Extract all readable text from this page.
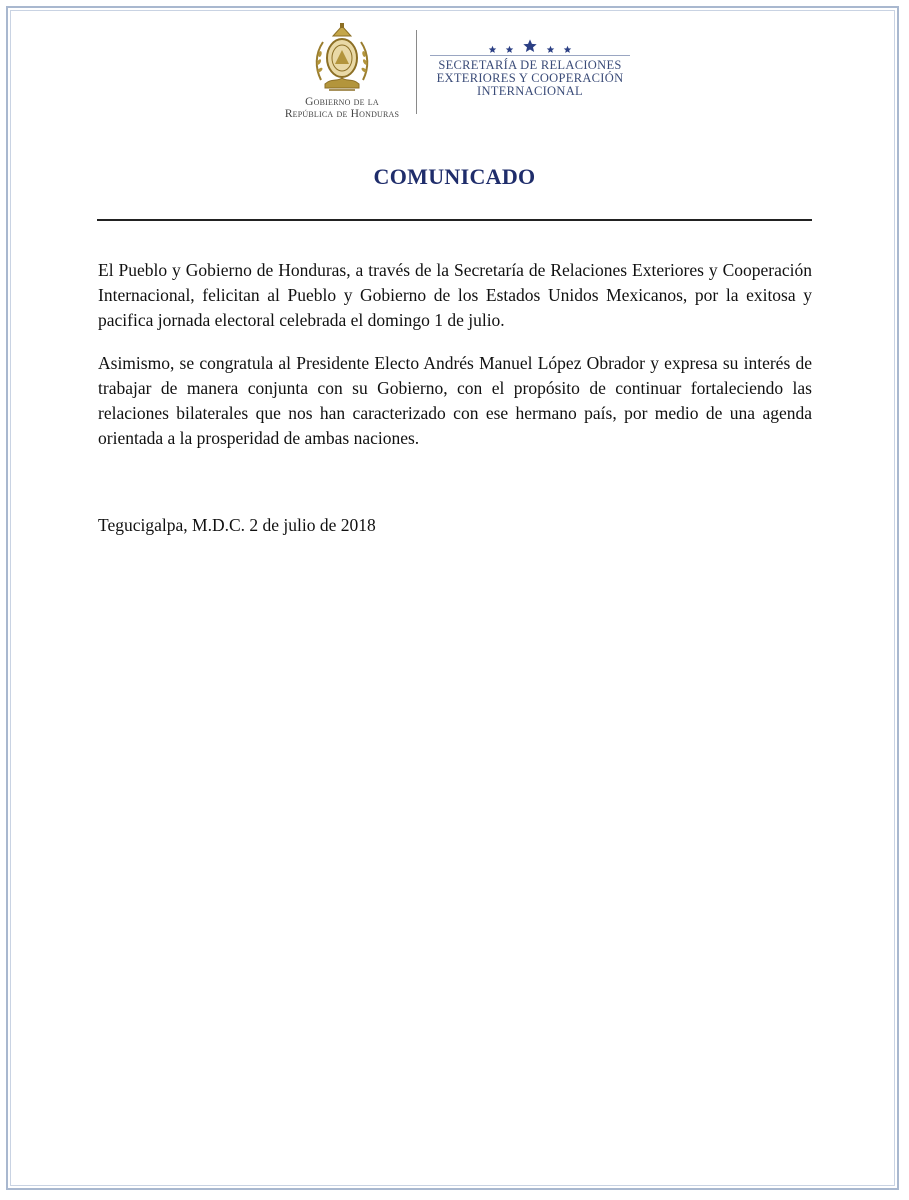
Gobierno de la
República de Honduras
SECRETARÍA DE RELACIONES
EXTERIORES Y COOPERACIÓN
INTERNACIONAL
COMUNICADO

El Pueblo y Gobierno de Honduras, a través de la Secretaría de Relaciones Exteriores y Cooperación Internacional, felicitan al Pueblo y Gobierno de los Estados Unidos Mexicanos, por la exitosa y pacifica jornada electoral celebrada el domingo 1 de julio.

Asimismo, se congratula al Presidente Electo Andrés Manuel López Obrador y expresa su interés de trabajar de manera conjunta con su Gobierno, con el propósito de continuar fortaleciendo las relaciones bilaterales que nos han caracterizado con ese hermano país, por medio de una agenda orientada a la prosperidad de ambas naciones.

Tegucigalpa, M.D.C. 2 de julio de 2018
